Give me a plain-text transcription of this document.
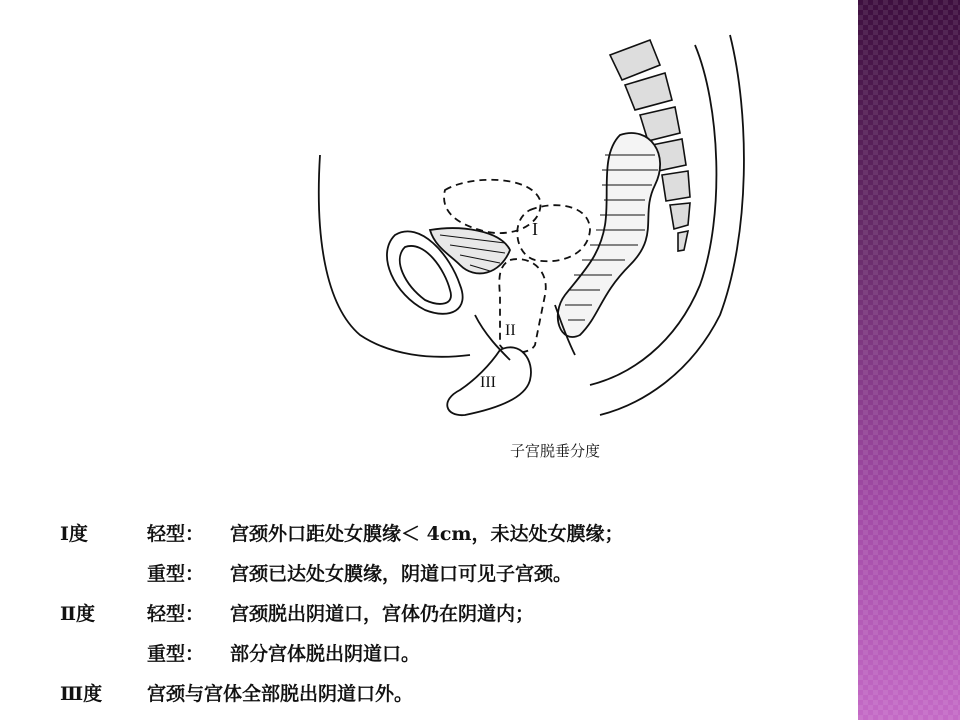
I
II
III
子宫脱垂分度
Ⅰ度	轻型： 宫颈外口距处女膜缘＜ 4cm，未达处女膜缘；
重型： 宫颈已达处女膜缘，阴道口可见子宫颈。
Ⅱ度	轻型： 宫颈脱出阴道口，宫体仍在阴道内；
重型： 部分宫体脱出阴道口。
Ⅲ度 宫颈与宫体全部脱出阴道口外。
